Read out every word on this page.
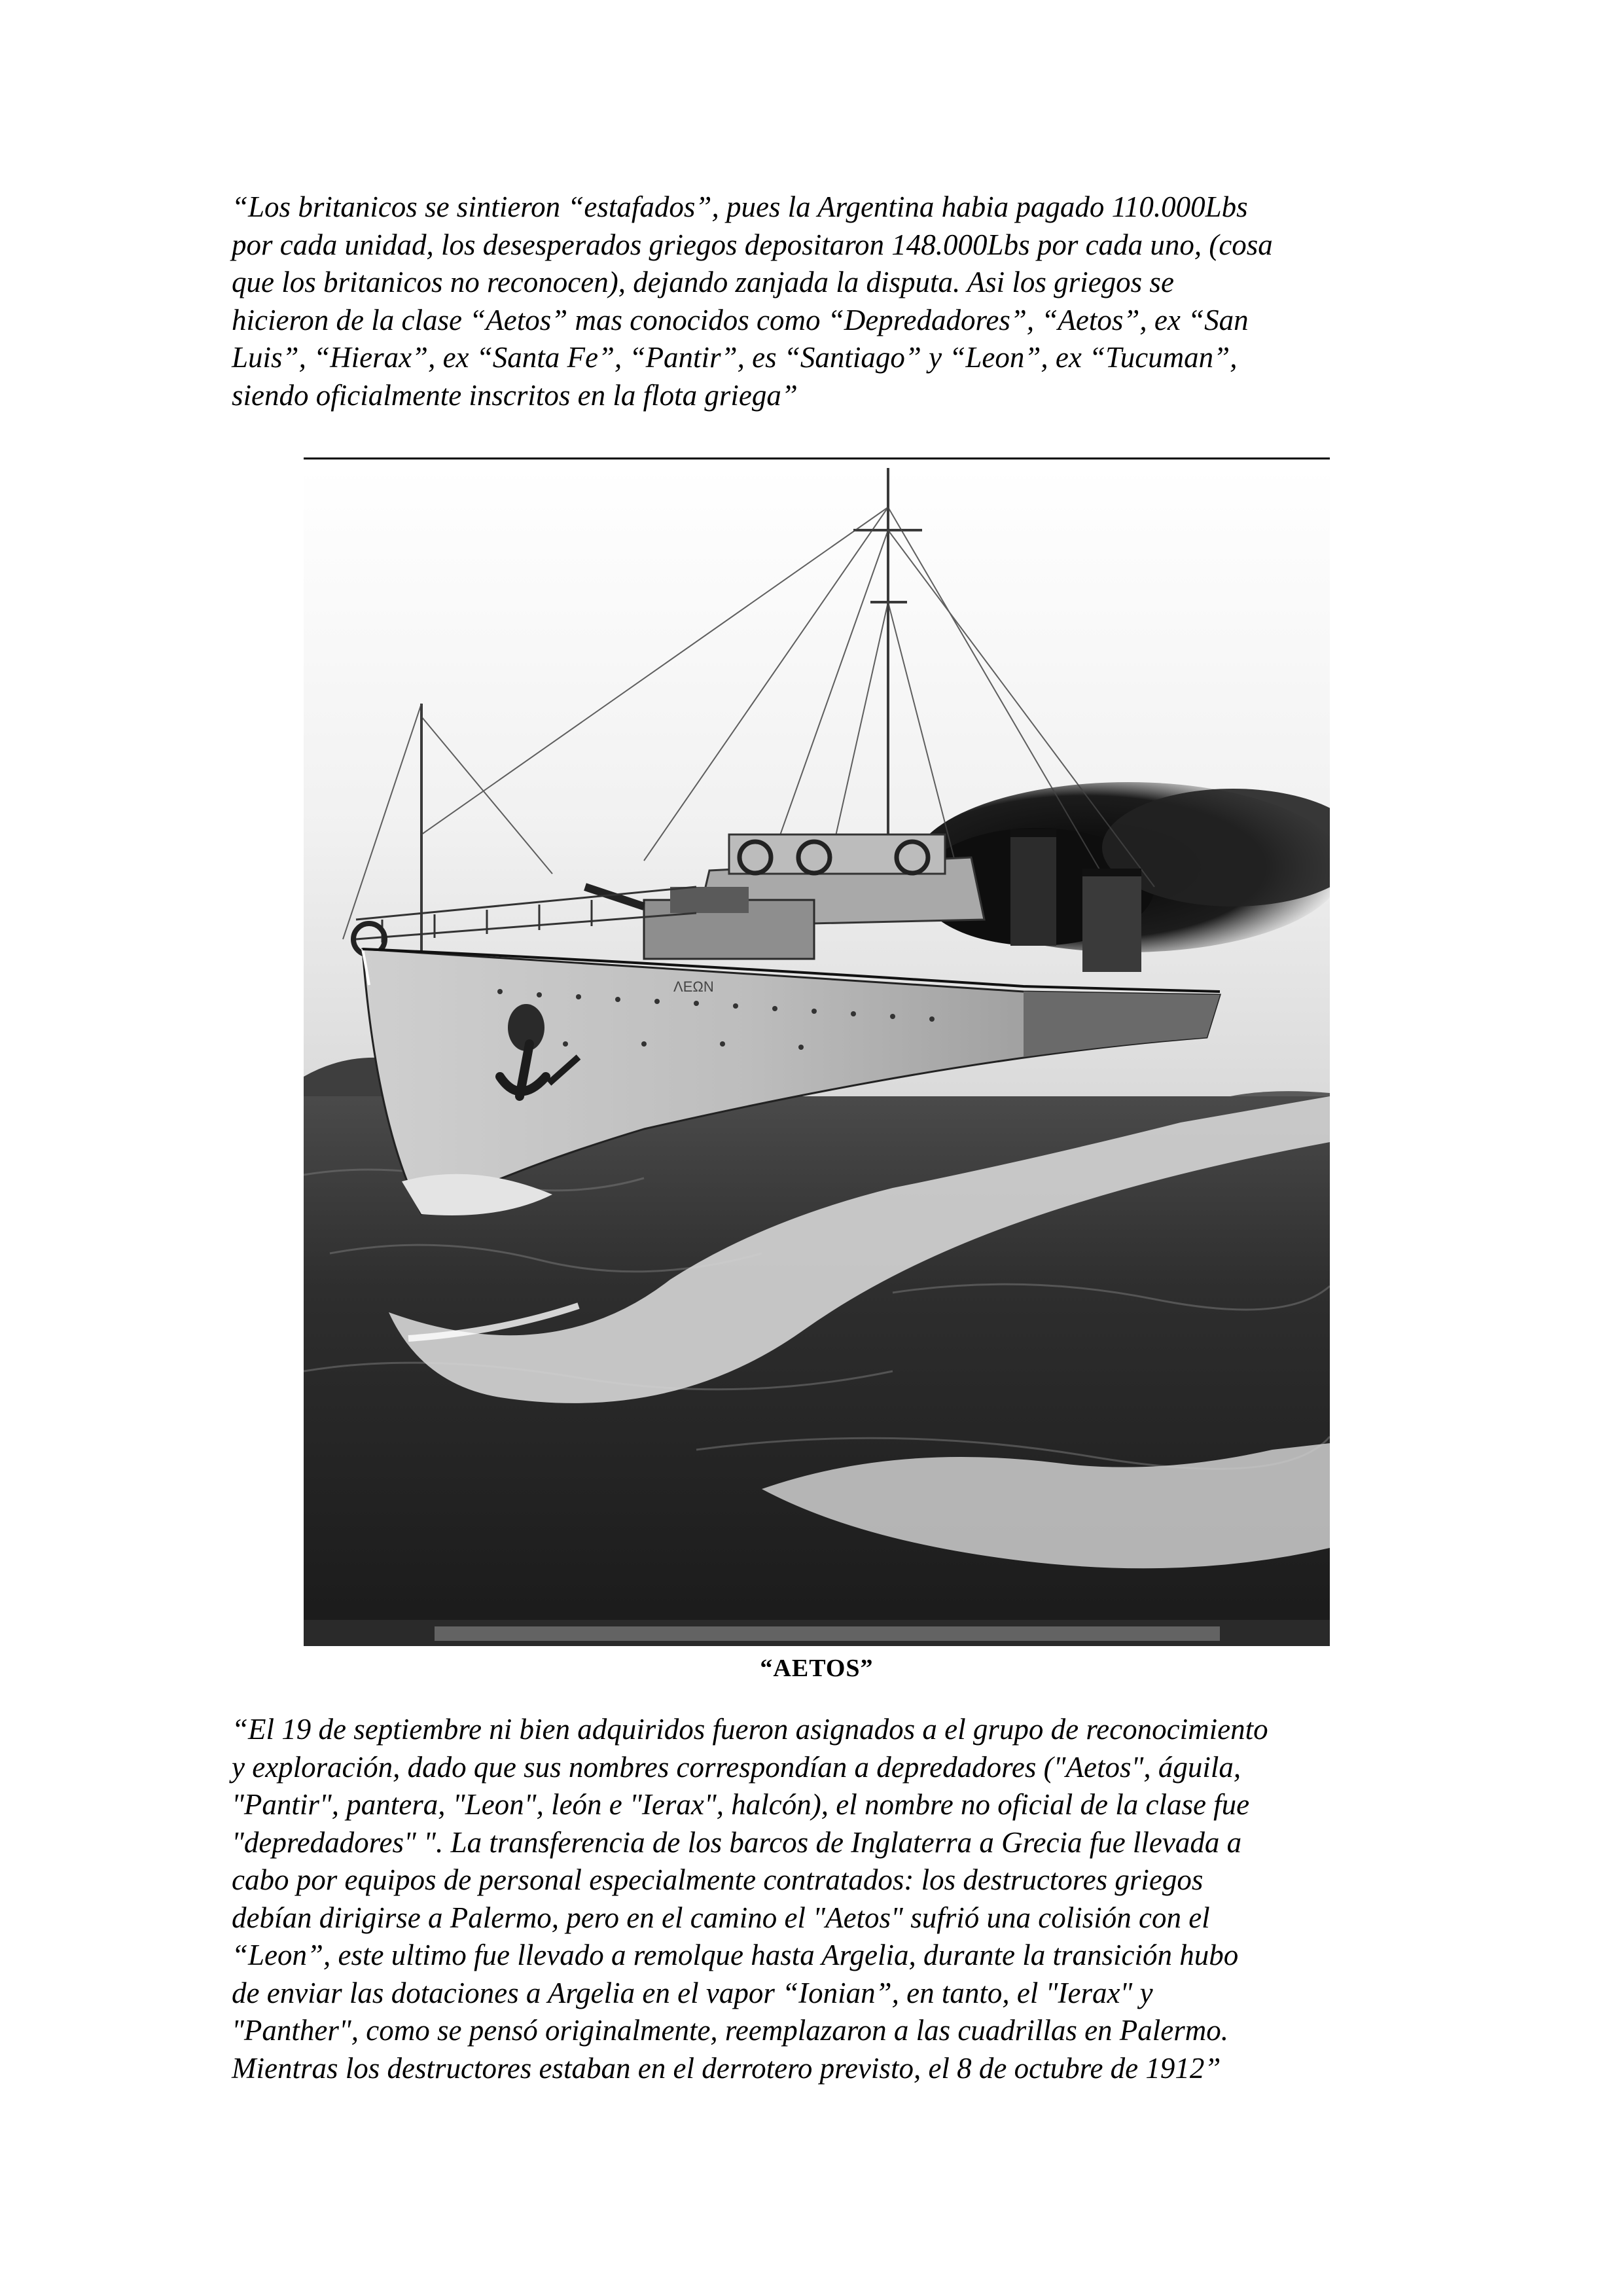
“Los britanicos se sintieron “estafados”, pues la Argentina habia pagado 110.000Lbs
por cada unidad, los desesperados griegos depositaron 148.000Lbs por cada uno, (cosa
que los britanicos no reconocen), dejando zanjada la disputa. Asi los griegos se
hicieron de la clase “Aetos” mas conocidos como “Depredadores”, “Aetos”, ex “San
Luis”, “Hierax”, ex “Santa Fe”, “Pantir”, es “Santiago” y “Leon”, ex “Tucuman”,
siendo oficialmente inscritos en la flota griega”

ΛΕΩΝ
“AETOS”

“El 19 de septiembre ni bien adquiridos fueron asignados a el grupo de reconocimiento
y exploración, dado que sus nombres correspondían a depredadores ("Aetos", águila,
"Pantir", pantera, "Leon", león e "Ierax", halcón), el nombre no oficial de la clase fue
"depredadores" ". La transferencia de los barcos de Inglaterra a Grecia fue llevada a
cabo por equipos de personal especialmente contratados: los destructores griegos
debían dirigirse a Palermo, pero en el camino el "Aetos" sufrió una colisión con el
“Leon”, este ultimo fue llevado a remolque hasta Argelia, durante la transición hubo
de enviar las dotaciones a Argelia en el vapor “Ionian”, en tanto, el "Ierax" y
"Panther", como se pensó originalmente, reemplazaron a las cuadrillas en Palermo.
Mientras los destructores estaban en el derrotero previsto, el 8 de octubre de 1912”
